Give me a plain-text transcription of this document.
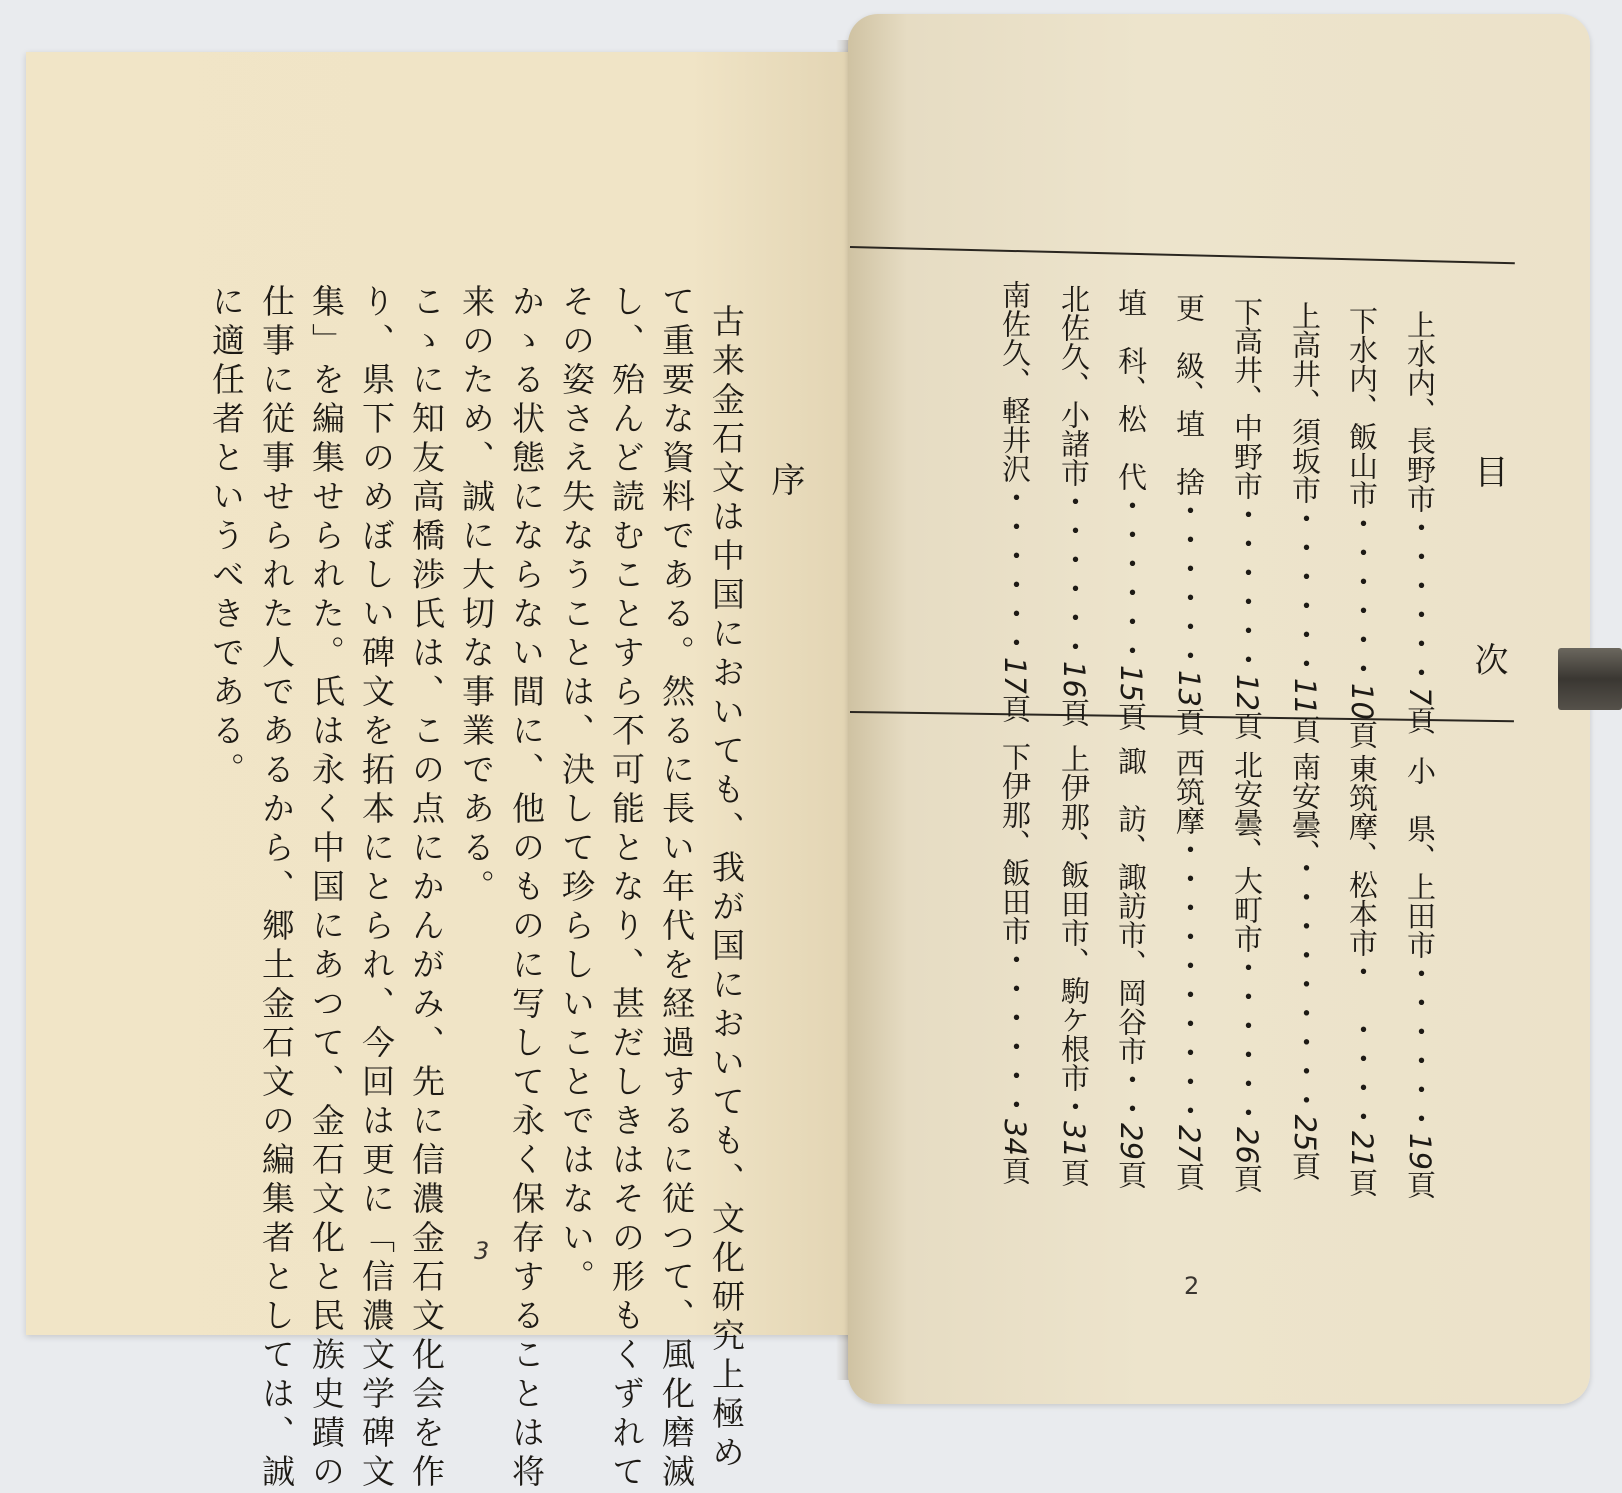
序
古来金石文は中国においても、我が国においても、文化研究上極め
て重要な資料である。然るに長い年代を経過するに従つて、風化磨滅
し、殆んど読むことすら不可能となり、甚だしきはその形もくずれて
その姿さえ失なうことは、決して珍らしいことではない。
かゝる状態にならない間に、他のものに写して永く保存することは将
来のため、誠に大切な事業である。
こゝに知友高橋渉氏は、この点にかんがみ、先に信濃金石文化会を作
り、県下のめぼしい碑文を拓本にとられ、今回は更に「信濃文学碑文
集」を編集せられた。氏は永く中国にあつて、金石文化と民族史蹟の
仕事に従事せられた人であるから、郷土金石文の編集者としては、誠
に適任者というべきである。
3
目　次
上水内、長野市・・・・・・7頁
下水内、飯山市・・・・・・10頁
上高井、須坂市・・・・・・11頁
下高井、中野市・・・・・・12頁
更　級、埴　捨・・・・・・13頁
埴　科、松　代・・・・・・15頁
北佐久、小諸市・・・・・・16頁
南佐久、軽井沢・・・・・・17頁
小　県、上田市・・・・・・19頁
東筑摩、松本市・　・・・・21頁
南安曇、・・・・・・・・・25頁
北安曇、大町市・・・・・・26頁
西筑摩・・・・・・・・・・27頁
諏　訪、諏訪市、岡谷市・・29頁
上伊那、飯田市、駒ケ根市・31頁
下伊那、飯田市・・・・・・34頁
2
